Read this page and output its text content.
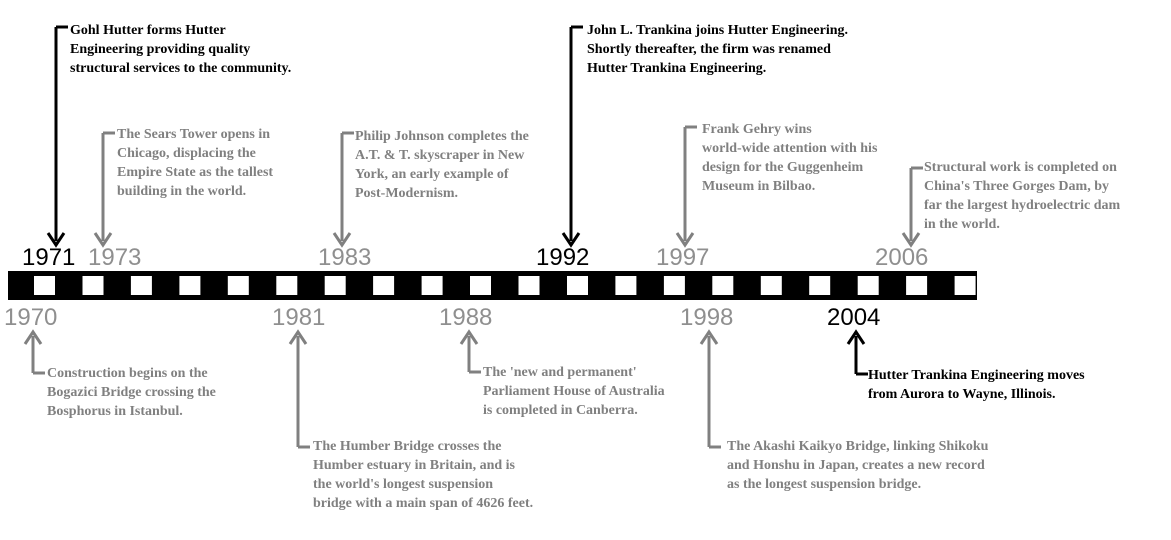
1971
Gohl Hutter forms Hutter
Engineering providing quality
structural services to the community.
1973
The Sears Tower opens in
Chicago, displacing the
Empire State as the tallest
building in the world.
1983
Philip Johnson completes the
A.T. & T. skyscraper in New
York, an early example of
Post-Modernism.
1992
John L. Trankina joins Hutter Engineering.
Shortly thereafter, the firm was renamed
Hutter Trankina Engineering.
1997
Frank Gehry wins
world-wide attention with his
design for the Guggenheim
Museum in Bilbao.
2006
Structural work is completed on
China's Three Gorges Dam, by
far the largest hydroelectric dam
in the world.
1970
Construction begins on the
Bogazici Bridge crossing the
Bosphorus in Istanbul.
1981
The Humber Bridge crosses the
Humber estuary in Britain, and is
the world's longest suspension
bridge with a main span of 4626 feet.
1988
The 'new and permanent'
Parliament House of Australia
is completed in Canberra.
1998
The Akashi Kaikyo Bridge, linking Shikoku
and Honshu in Japan, creates a new record
as the longest suspension bridge.
2004
Hutter Trankina Engineering moves
from Aurora to Wayne, Illinois.
